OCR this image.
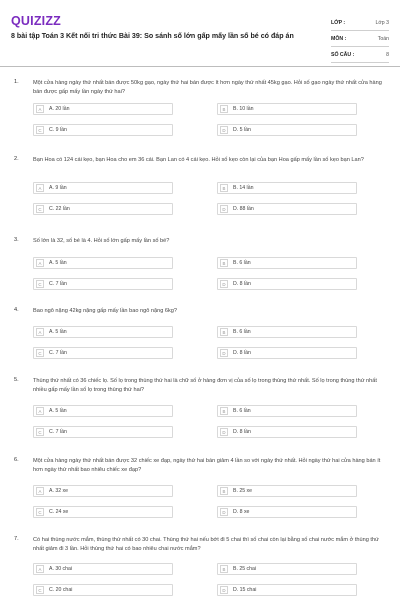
QUIZIZZ
8 bài tập Toán 3 Kết nối tri thức Bài 39: So sánh số lớn gấp mấy lần số bé có đáp án
LỚP :	Lớp 3
MÔN :	Toán
SỐ CÂU :	8
1.	Một cửa hàng ngày thứ nhất bán được 50kg gạo, ngày thứ hai bán được ít hơn ngày thứ nhất 45kg gạo. Hỏi số gạo ngày thứ nhất cửa hàng bán được gấp mấy lần ngày thứ hai?
A	A. 20 lần	B	B. 10 lần
C	C. 9 lần	D	D. 5 lần
2.	Bạn Hoa có 124 cái kẹo, bạn Hoa cho em 36 cái. Bạn Lan có 4 cái kẹo. Hỏi số kẹo còn lại của bạn Hoa gấp mấy lần số kẹo bạn Lan?
A	A. 9 lần	B	B. 14 lần
C	C. 22 lần	D	D. 88 lần
3.	Số lớn là 32, số bé là 4. Hỏi số lớn gấp mấy lần số bé?
A	A. 5 lần	B	B. 6 lần
C	C. 7 lần	D	D. 8 lần
4.	Bao ngô nặng 42kg nặng gấp mấy lần bao ngô nặng 6kg?
A	A. 5 lần	B	B. 6 lần
C	C. 7 lần	D	D. 8 lần
5.	Thùng thứ nhất có 36 chiếc lọ. Số lọ trong thùng thứ hai là chữ số ở hàng đơn vị của số lọ trong thùng thứ nhất. Số lọ trong thùng thứ nhất nhiều gấp mấy lần số lọ trong thùng thứ hai?
A	A. 5 lần	B	B. 6 lần
C	C. 7 lần	D	D. 8 lần
6.	Một cửa hàng ngày thứ nhất bán được 32 chiếc xe đạp, ngày thứ hai bán giảm 4 lần so với ngày thứ nhất. Hỏi ngày thứ hai cửa hàng bán ít hơn ngày thứ nhất bao nhiêu chiếc xe đạp?
A	A. 32 xe	B	B. 25 xe
C	C. 24 xe	D	D. 8 xe
7.	Có hai thùng nước mắm, thùng thứ nhất có 30 chai. Thùng thứ hai nếu bớt đi 5 chai thì số chai còn lại bằng số chai nước mắm ở thùng thứ nhất giảm đi 3 lần. Hỏi thùng thứ hai có bao nhiêu chai nước mắm?
A	A. 30 chai	B	B. 25 chai
C	C. 20 chai	D	D. 15 chai
